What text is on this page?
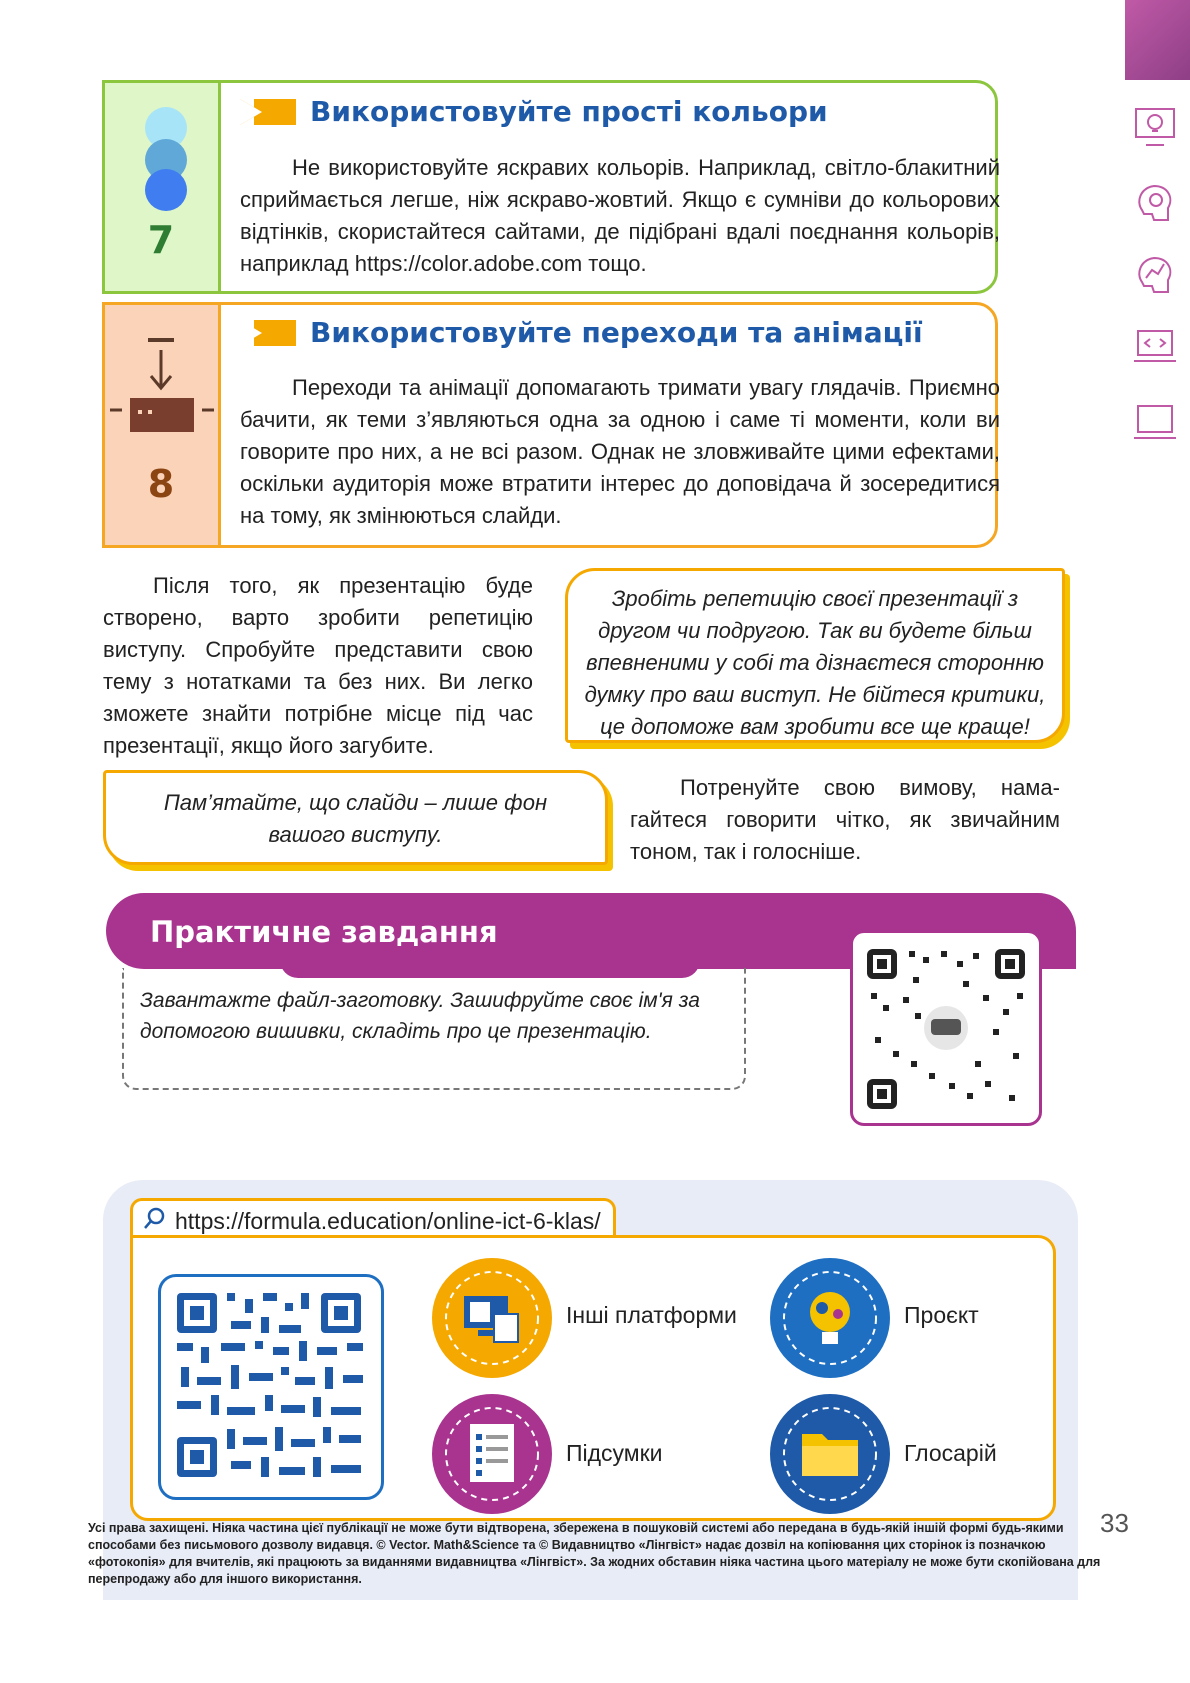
7
Використовуйте прості кольори
Не використовуйте яскравих кольорів. Наприклад, світло-блакитний сприймається легше, ніж яскраво-жовтий. Якщо є сумніви до кольорових відтінків, скористайтеся сайтами, де підібрані вдалі поєднання кольорів, наприклад https://color.adobe.com тощо.
8
Використовуйте переходи та анімації
Переходи та анімації допомагають тримати увагу глядачів. Приємно бачити, як теми з’являються одна за одною і саме ті моменти, коли ви говорите про них, а не всі разом. Однак не зловживайте цими ефектами, оскільки аудиторія може втратити інтерес до доповідача й зосередитися на тому, як змінюються слайди.
Після того, як презентацію буде створено, варто зробити репетицію виступу. Спробуйте представити свою тему з нотатками та без них. Ви легко зможете знайти потрібне місце під час презентації, якщо його загубите.
Зробіть репетицію своєї презентації з другом чи подругою. Так ви будете більш впевненими у собі та дізнаєтеся сторонню думку про ваш виступ. Не бійтеся критики, це допоможе вам зробити все ще краще!
Пам’ятайте, що слайди – лише фон вашого виступу.
Потренуйте свою вимову, намагайтеся говорити чітко, як звичайним тоном, так і голосніше.
Практичне завдання
Завантажте файл-заготовку. Зашифруйте своє ім'я за допомогою вишивки, складіть про це презентацію.
https://formula.education/online-ict-6-klas/
Інші платформи	Проєкт
Підсумки	Глосарій
Усі права захищені. Ніяка частина цієї публікації не може бути відтворена, збережена в пошуковій системі або передана в будь-якій іншій формі будь-якими способами без письмового дозволу видавця. © Vector. Math&Science та © Видавництво «Лінгвіст» надає дозвіл на копіювання цих сторінок із позначкою «фотокопія» для вчителів, які працюють за виданнями видавництва «Лінгвіст». За жодних обставин ніяка частина цього матеріалу не може бути скопійована для перепродажу або для іншого використання.
33
